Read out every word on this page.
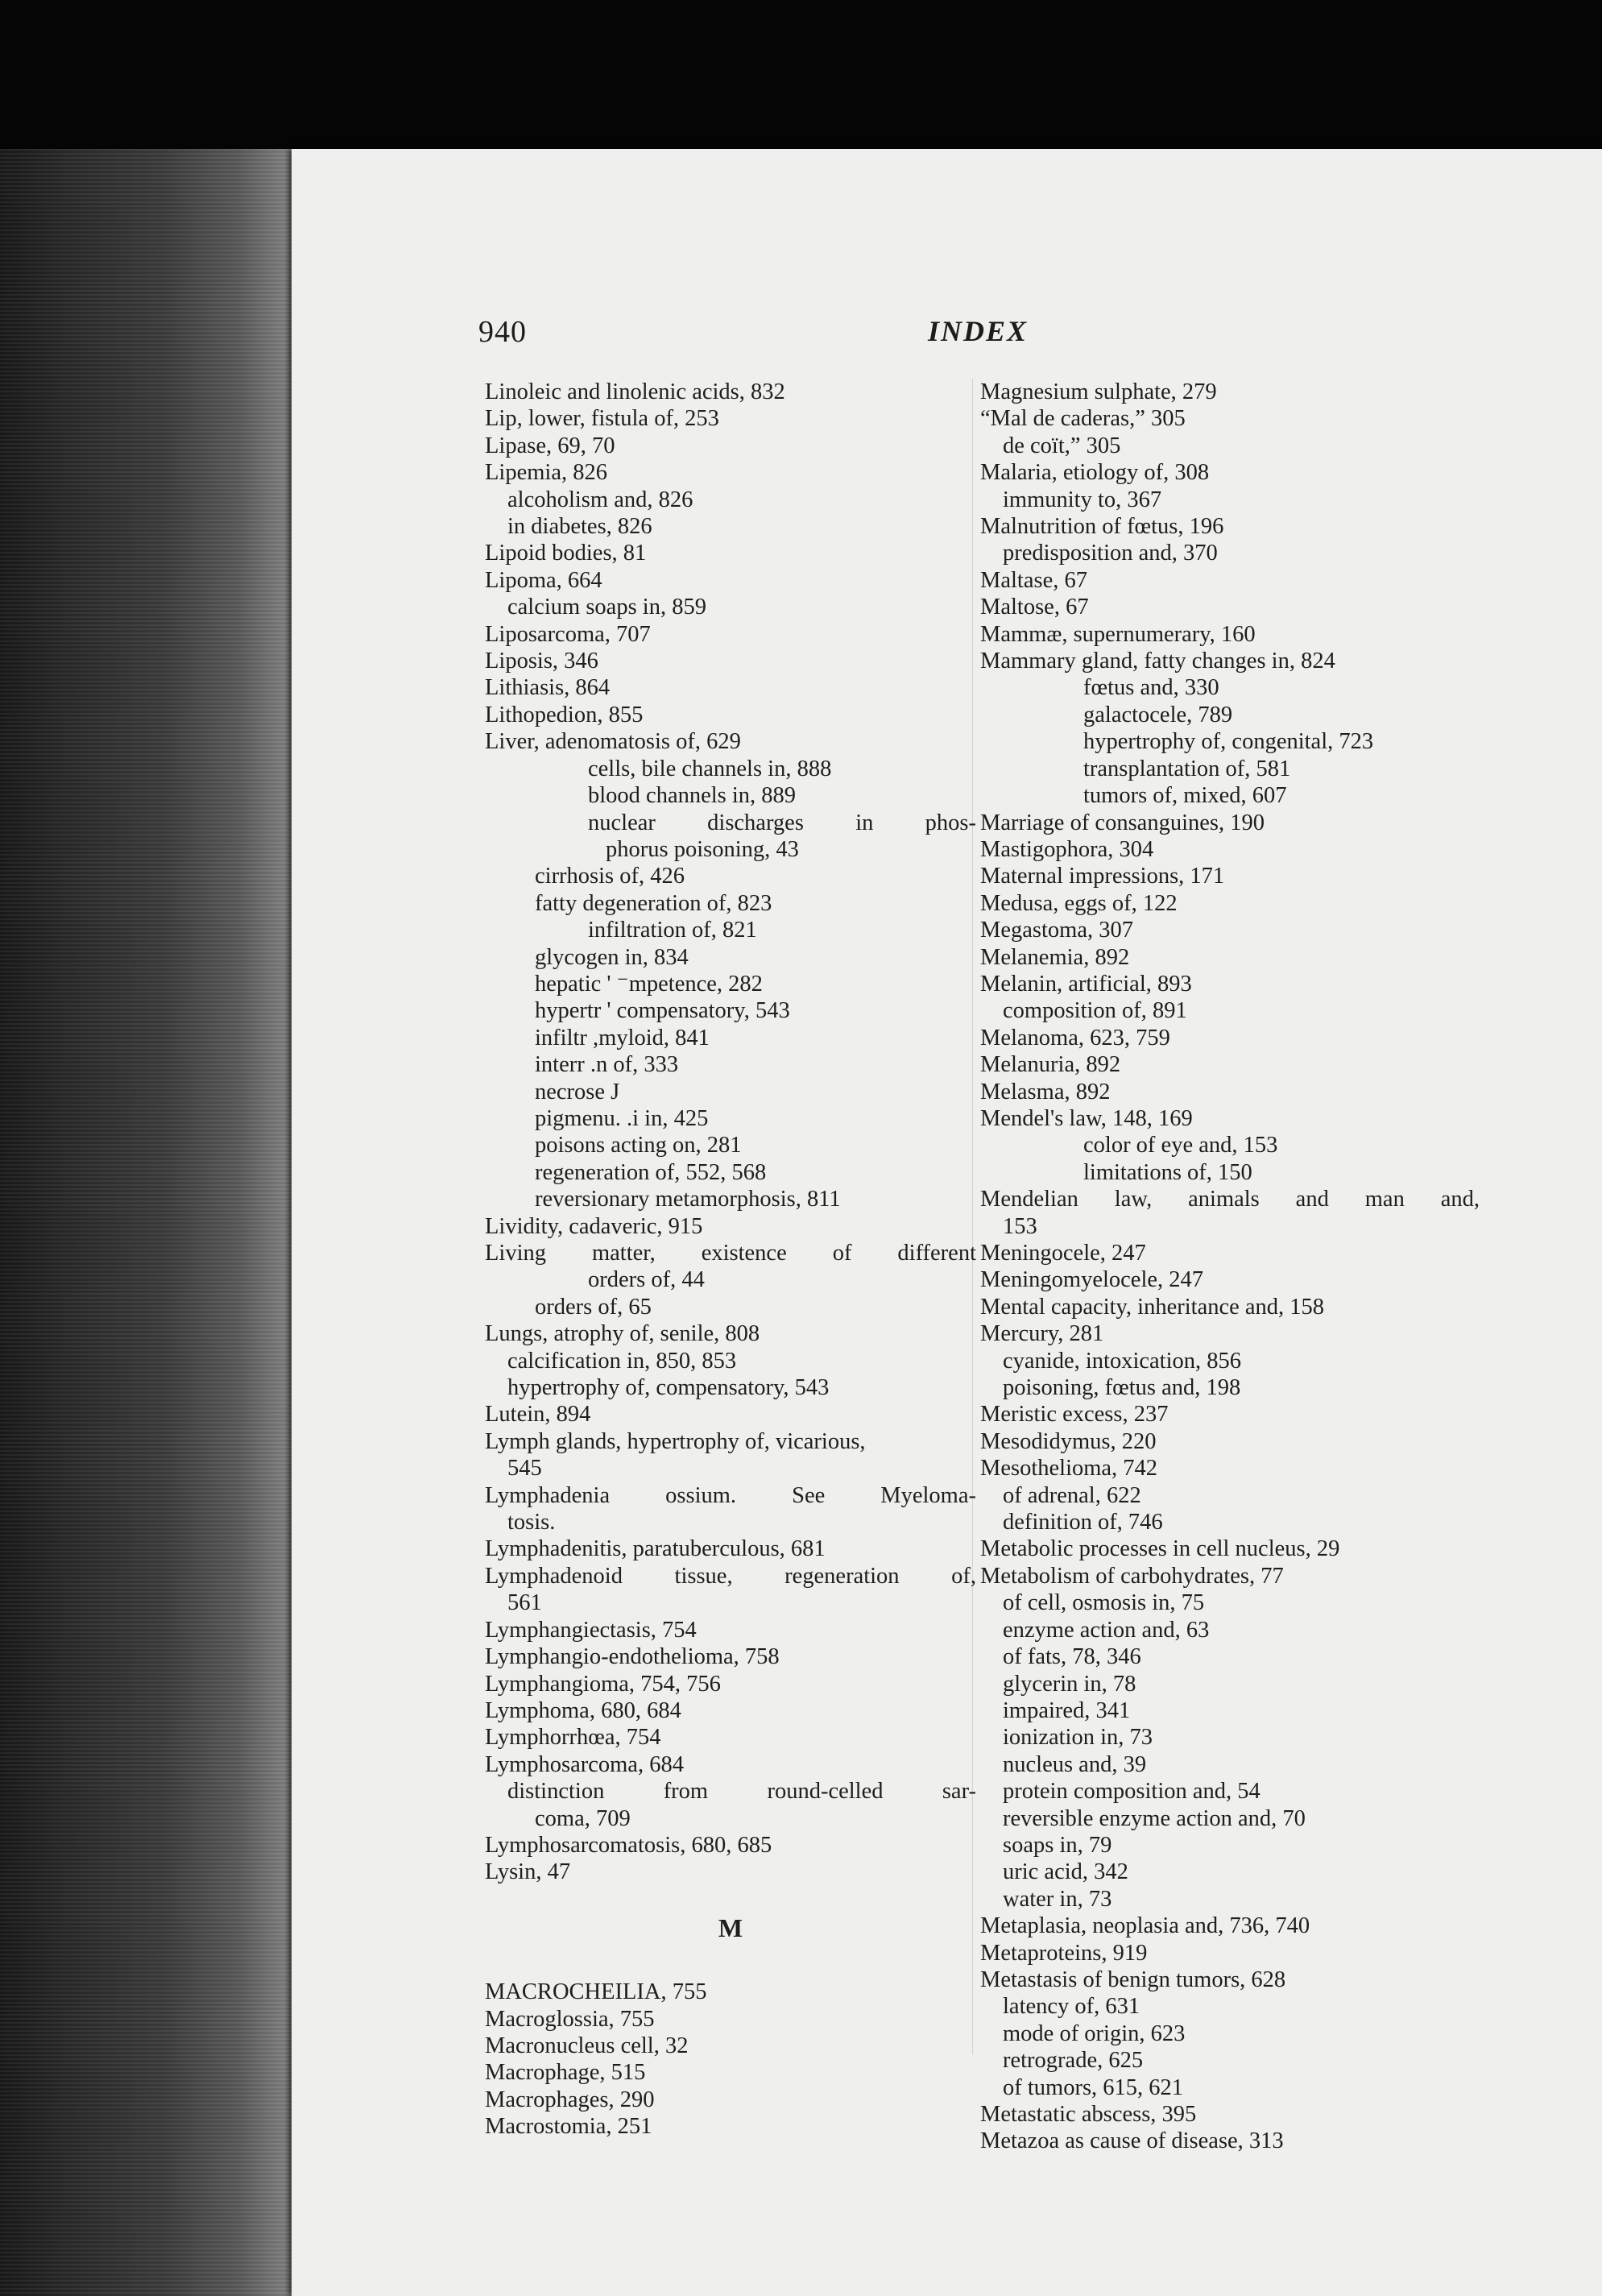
940	INDEX
Linoleic and linolenic acids, 832
Lip, lower, fistula of, 253
Lipase, 69, 70
Lipemia, 826
alcoholism and, 826
in diabetes, 826
Lipoid bodies, 81
Lipoma, 664
calcium soaps in, 859
Liposarcoma, 707
Liposis, 346
Lithiasis, 864
Lithopedion, 855
Liver, adenomatosis of, 629
cells, bile channels in, 888
blood channels in, 889
nuclear discharges in phos-
phorus poisoning, 43
cirrhosis of, 426
fatty degeneration of, 823
infiltration of, 821
glycogen in, 834
hepatic ' ⁻mpetence, 282
hypertr ' compensatory, 543
infiltr ,myloid, 841
interr .n of, 333
necrose J
pigmenu. .i in, 425
poisons acting on, 281
regeneration of, 552, 568
reversionary metamorphosis, 811
Lividity, cadaveric, 915
Living matter, existence of different
orders of, 44
orders of, 65
Lungs, atrophy of, senile, 808
calcification in, 850, 853
hypertrophy of, compensatory, 543
Lutein, 894
Lymph glands, hypertrophy of, vicarious,
545
Lymphadenia ossium. See Myeloma-
tosis.
Lymphadenitis, paratuberculous, 681
Lymphadenoid tissue, regeneration of,
561
Lymphangiectasis, 754
Lymphangio-endothelioma, 758
Lymphangioma, 754, 756
Lymphoma, 680, 684
Lymphorrhœa, 754
Lymphosarcoma, 684
distinction from round-celled sar-
coma, 709
Lymphosarcomatosis, 680, 685
Lysin, 47
M
MACROCHEILIA, 755
Macroglossia, 755
Macronucleus cell, 32
Macrophage, 515
Macrophages, 290
Macrostomia, 251
Magnesium sulphate, 279
“Mal de caderas,” 305
de coït,” 305
Malaria, etiology of, 308
immunity to, 367
Malnutrition of fœtus, 196
predisposition and, 370
Maltase, 67
Maltose, 67
Mammæ, supernumerary, 160
Mammary gland, fatty changes in, 824
fœtus and, 330
galactocele, 789
hypertrophy of, congenital, 723
transplantation of, 581
tumors of, mixed, 607
Marriage of consanguines, 190
Mastigophora, 304
Maternal impressions, 171
Medusa, eggs of, 122
Megastoma, 307
Melanemia, 892
Melanin, artificial, 893
composition of, 891
Melanoma, 623, 759
Melanuria, 892
Melasma, 892
Mendel's law, 148, 169
color of eye and, 153
limitations of, 150
Mendelian law, animals and man and,
153
Meningocele, 247
Meningomyelocele, 247
Mental capacity, inheritance and, 158
Mercury, 281
cyanide, intoxication, 856
poisoning, fœtus and, 198
Meristic excess, 237
Mesodidymus, 220
Mesothelioma, 742
of adrenal, 622
definition of, 746
Metabolic processes in cell nucleus, 29
Metabolism of carbohydrates, 77
of cell, osmosis in, 75
enzyme action and, 63
of fats, 78, 346
glycerin in, 78
impaired, 341
ionization in, 73
nucleus and, 39
protein composition and, 54
reversible enzyme action and, 70
soaps in, 79
uric acid, 342
water in, 73
Metaplasia, neoplasia and, 736, 740
Metaproteins, 919
Metastasis of benign tumors, 628
latency of, 631
mode of origin, 623
retrograde, 625
of tumors, 615, 621
Metastatic abscess, 395
Metazoa as cause of disease, 313
